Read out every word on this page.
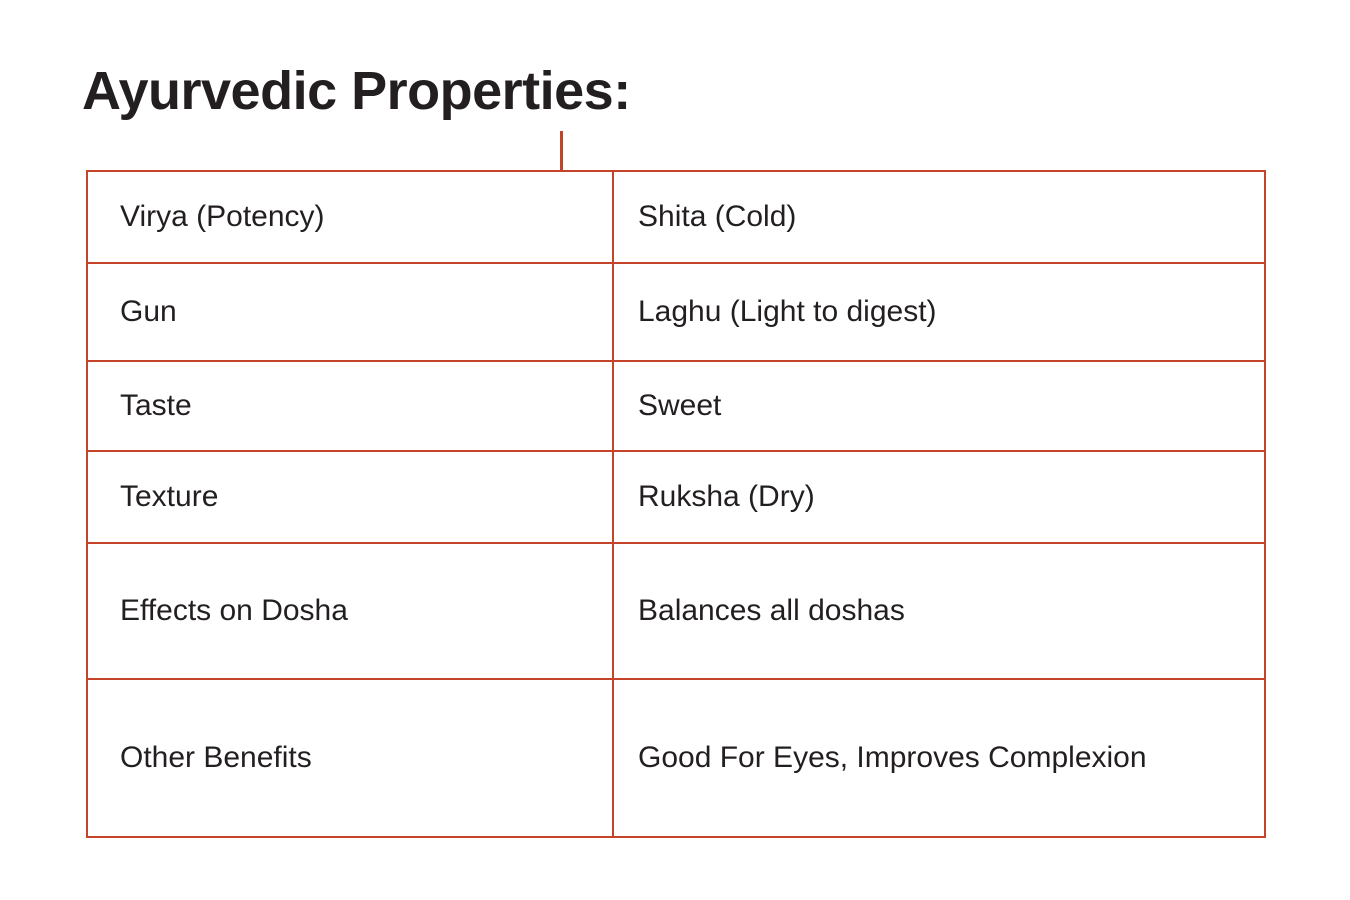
Ayurvedic Properties:
Virya (Potency)	Shita (Cold)
Gun	Laghu (Light to digest)
Taste	Sweet
Texture	Ruksha (Dry)
Effects on Dosha	Balances all doshas
Other Benefits	Good For Eyes, Improves Complexion
